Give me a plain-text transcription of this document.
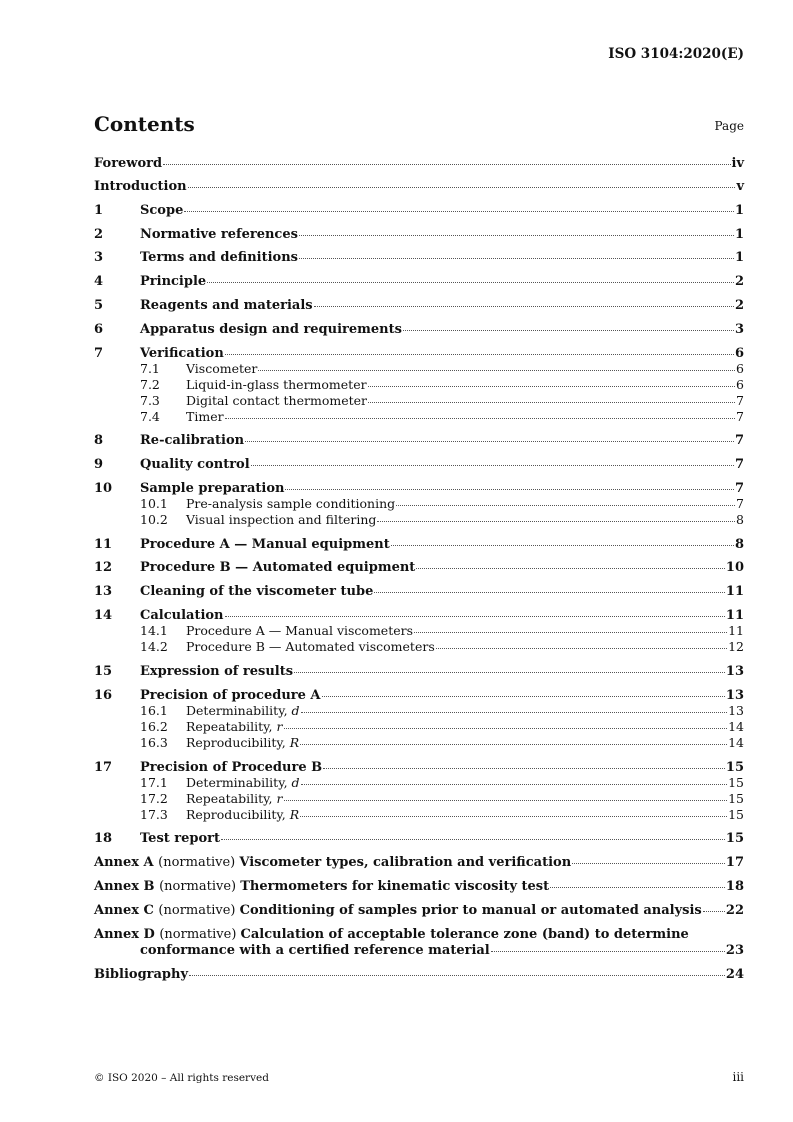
ISO 3104:2020(E)
Contents	Page
Foreword	iv
Introduction	v
1	Scope	1
2	Normative references	1
3	Terms and definitions	1
4	Principle	2
5	Reagents and materials	2
6	Apparatus design and requirements	3
7	Verification	6
7.1	Viscometer	6
7.2	Liquid-in-glass thermometer	6
7.3	Digital contact thermometer	7
7.4	Timer	7
8	Re-calibration	7
9	Quality control	7
10	Sample preparation	7
10.1	Pre-analysis sample conditioning	7
10.2	Visual inspection and filtering	8
11	Procedure A — Manual equipment	8
12	Procedure B — Automated equipment	10
13	Cleaning of the viscometer tube	11
14	Calculation	11
14.1	Procedure A — Manual viscometers	11
14.2	Procedure B — Automated viscometers	12
15	Expression of results	13
16	Precision of procedure A	13
16.1	Determinability, d	13
16.2	Repeatability, r	14
16.3	Reproducibility, R	14
17	Precision of Procedure B	15
17.1	Determinability, d	15
17.2	Repeatability, r	15
17.3	Reproducibility, R	15
18	Test report	15
Annex A (normative) Viscometer types, calibration and verification	17
Annex B (normative) Thermometers for kinematic viscosity test	18
Annex C (normative) Conditioning of samples prior to manual or automated analysis 22
Annex D (normative) Calculation of acceptable tolerance zone (band) to determine
conformance with a certified reference material	23
Bibliography	24
© ISO 2020 – All rights reserved	iii
